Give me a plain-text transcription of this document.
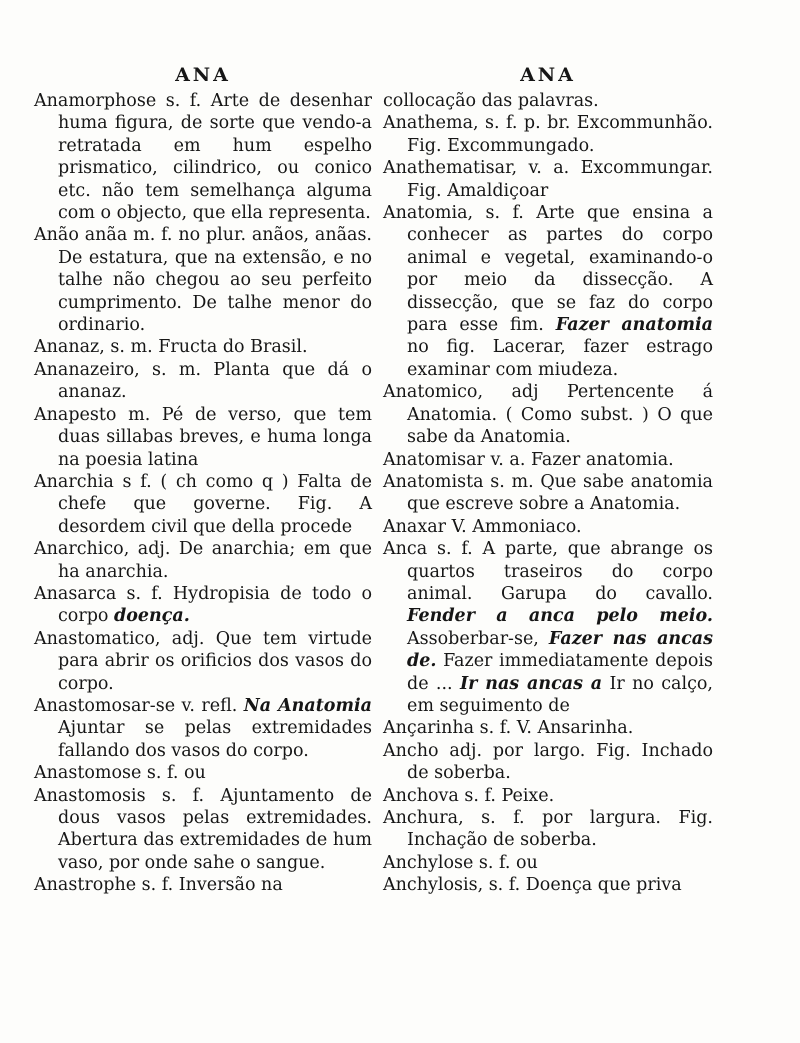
ANA
Anamorphose s. f. Arte de desenhar huma figura, de sorte que vendo-a retratada em hum espelho prismatico, cilindrico, ou conico etc. não tem semelhança alguma com o objecto, que ella representa.
Anão anãa m. f. no plur. anãos, anãas. De estatura, que na extensão, e no talhe não chegou ao seu perfeito cumprimento. De talhe menor do ordinario.
Ananaz, s. m. Fructa do Brasil.
Ananazeiro, s. m. Planta que dá o ananaz.
Anapesto m. Pé de verso, que tem duas sillabas breves, e huma longa na poesia latina
Anarchia s f. ( ch como q ) Falta de chefe que governe. Fig. A desordem civil que della procede
Anarchico, adj. De anarchia; em que ha anarchia.
Anasarca s. f. Hydropisia de todo o corpo doença.
Anastomatico, adj. Que tem virtude para abrir os orificios dos vasos do corpo.
Anastomosar-se v. refl. Na Anatomia Ajuntar se pelas extremidades fallando dos vasos do corpo.
Anastomose s. f. ou
Anastomosis s. f. Ajuntamento de dous vasos pelas extremidades. Abertura das extremidades de hum vaso, por onde sahe o sangue.
Anastrophe s. f. Inversão na
ANA
collocação das palavras.
Anathema, s. f. p. br. Excommunhão. Fig. Excommungado.
Anathematisar, v. a. Excommungar. Fig. Amaldiçoar
Anatomia, s. f. Arte que ensina a conhecer as partes do corpo animal e vegetal, examinando-o por meio da dissecção. A dissecção, que se faz do corpo para esse fim. Fazer anatomia no fig. Lacerar, fazer estrago examinar com miudeza.
Anatomico, adj Pertencente á Anatomia. ( Como subst. ) O que sabe da Anatomia.
Anatomisar v. a. Fazer anatomia.
Anatomista s. m. Que sabe anatomia que escreve sobre a Anatomia.
Anaxar V. Ammoniaco.
Anca s. f. A parte, que abrange os quartos traseiros do corpo animal. Garupa do cavallo. Fender a anca pelo meio. Assoberbar-se, Fazer nas ancas de. Fazer immediatamente depois de ... Ir nas ancas a Ir no calço, em seguimento de
Ançarinha s. f. V. Ansarinha.
Ancho adj. por largo. Fig. Inchado de soberba.
Anchova s. f. Peixe.
Anchura, s. f. por largura. Fig. Inchação de soberba.
Anchylose s. f. ou
Anchylosis, s. f. Doença que priva
